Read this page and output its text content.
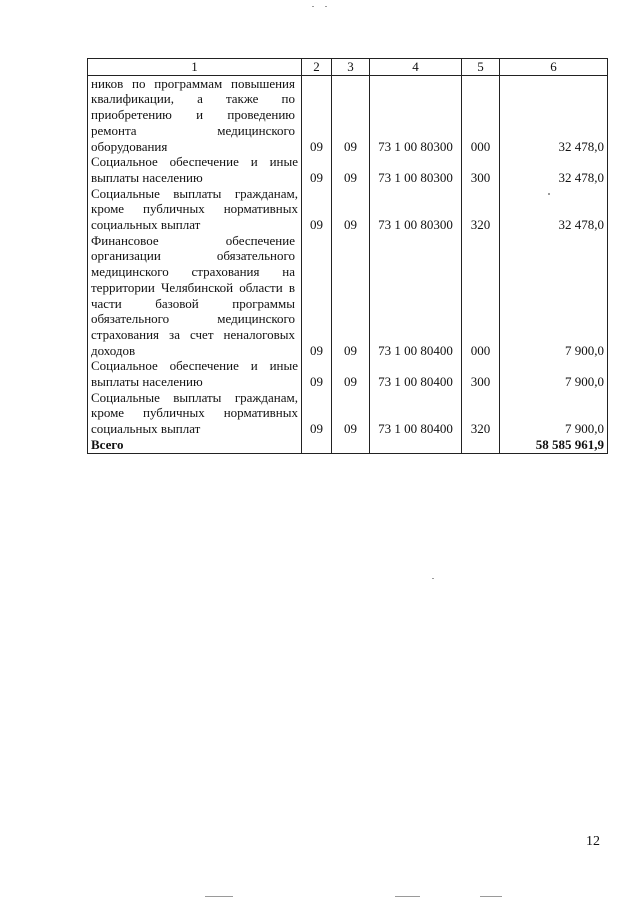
1	2	3	4	5	6
ников по программам повышения квалификации, а также по приобретению и проведению ремонта медицинского оборудования	09	09	73 1 00 80300	000	32 478,0
Социальное обеспечение и иные выплаты населению	09	09	73 1 00 80300	300	32 478,0
Социальные выплаты гражданам, кроме публичных нормативных социальных выплат	09	09	73 1 00 80300	320	32 478,0
Финансовое обеспечение организации обязательного медицинского страхования на территории Челябинской области в части базовой программы обязательного медицинского страхования за счет неналоговых доходов	09	09	73 1 00 80400	000	7 900,0
Социальное обеспечение и иные выплаты населению	09	09	73 1 00 80400	300	7 900,0
Социальные выплаты гражданам, кроме публичных нормативных социальных выплат	09	09	73 1 00 80400	320	7 900,0
Всего					58 585 961,9
12
